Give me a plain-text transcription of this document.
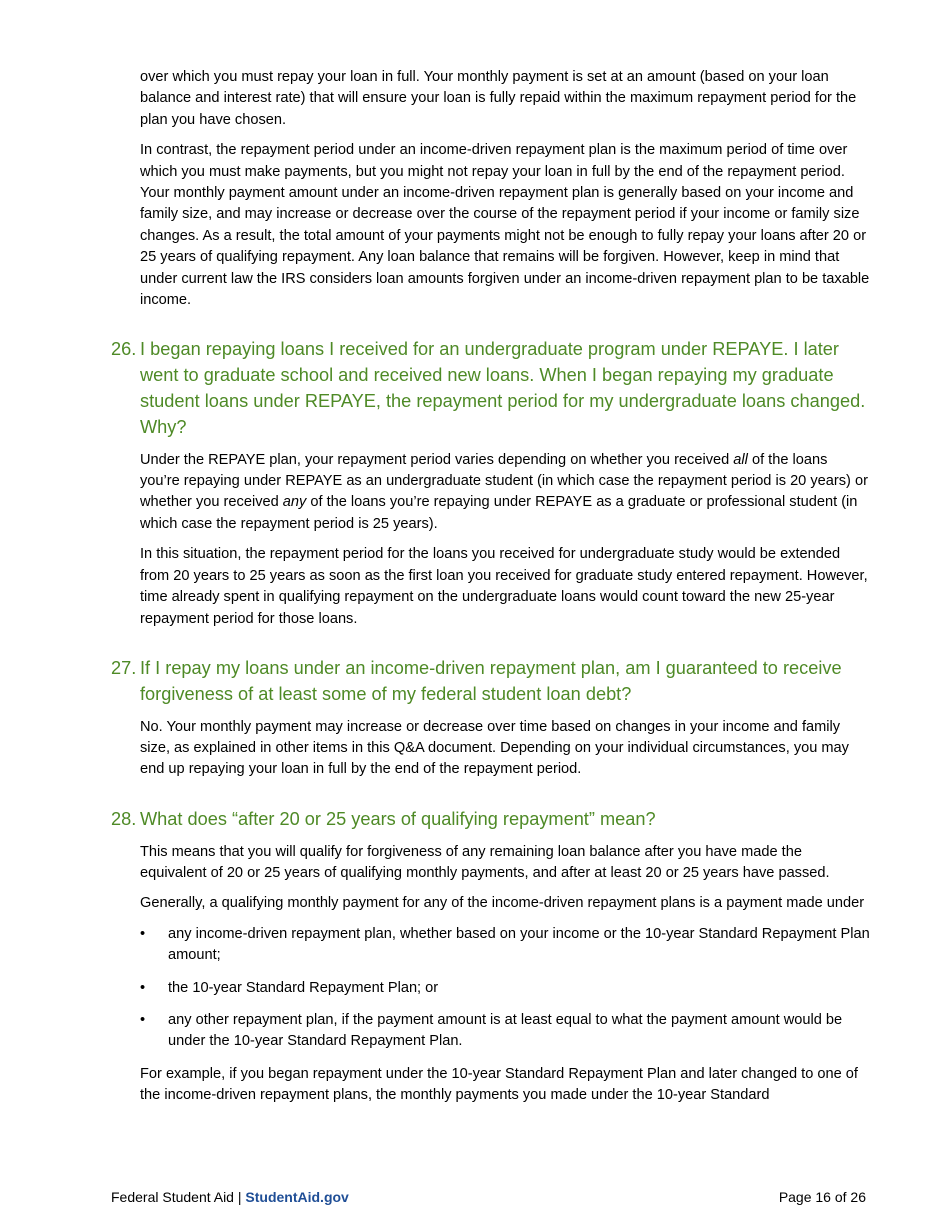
over which you must repay your loan in full. Your monthly payment is set at an amount (based on your loan balance and interest rate) that will ensure your loan is fully repaid within the maximum repayment period for the plan you have chosen.

In contrast, the repayment period under an income-driven repayment plan is the maximum period of time over which you must make payments, but you might not repay your loan in full by the end of the repayment period. Your monthly payment amount under an income-driven repayment plan is generally based on your income and family size, and may increase or decrease over the course of the repayment period if your income or family size changes. As a result, the total amount of your payments might not be enough to fully repay your loans after 20 or 25 years of qualifying repayment. Any loan balance that remains will be forgiven. However, keep in mind that under current law the IRS considers loan amounts forgiven under an income-driven repayment plan to be taxable income.

26. I began repaying loans I received for an undergraduate program under REPAYE. I later went to graduate school and received new loans. When I began repaying my graduate student loans under REPAYE, the repayment period for my undergraduate loans changed. Why?

Under the REPAYE plan, your repayment period varies depending on whether you received all of the loans you’re repaying under REPAYE as an undergraduate student (in which case the repayment period is 20 years) or whether you received any of the loans you’re repaying under REPAYE as a graduate or professional student (in which case the repayment period is 25 years).

In this situation, the repayment period for the loans you received for undergraduate study would be extended from 20 years to 25 years as soon as the first loan you received for graduate study entered repayment. However, time already spent in qualifying repayment on the undergraduate loans would count toward the new 25-year repayment period for those loans.

27. If I repay my loans under an income-driven repayment plan, am I guaranteed to receive forgiveness of at least some of my federal student loan debt?

No. Your monthly payment may increase or decrease over time based on changes in your income and family size, as explained in other items in this Q&A document. Depending on your individual circumstances, you may end up repaying your loan in full by the end of the repayment period.

28. What does “after 20 or 25 years of qualifying repayment” mean?

This means that you will qualify for forgiveness of any remaining loan balance after you have made the equivalent of 20 or 25 years of qualifying monthly payments, and after at least 20 or 25 years have passed.

Generally, a qualifying monthly payment for any of the income-driven repayment plans is a payment made under

• any income-driven repayment plan, whether based on your income or the 10-year Standard Repayment Plan amount;
• the 10-year Standard Repayment Plan; or
• any other repayment plan, if the payment amount is at least equal to what the payment amount would be under the 10-year Standard Repayment Plan.

For example, if you began repayment under the 10-year Standard Repayment Plan and later changed to one of the income-driven repayment plans, the monthly payments you made under the 10-year Standard

Federal Student Aid | StudentAid.gov	Page 16 of 26
